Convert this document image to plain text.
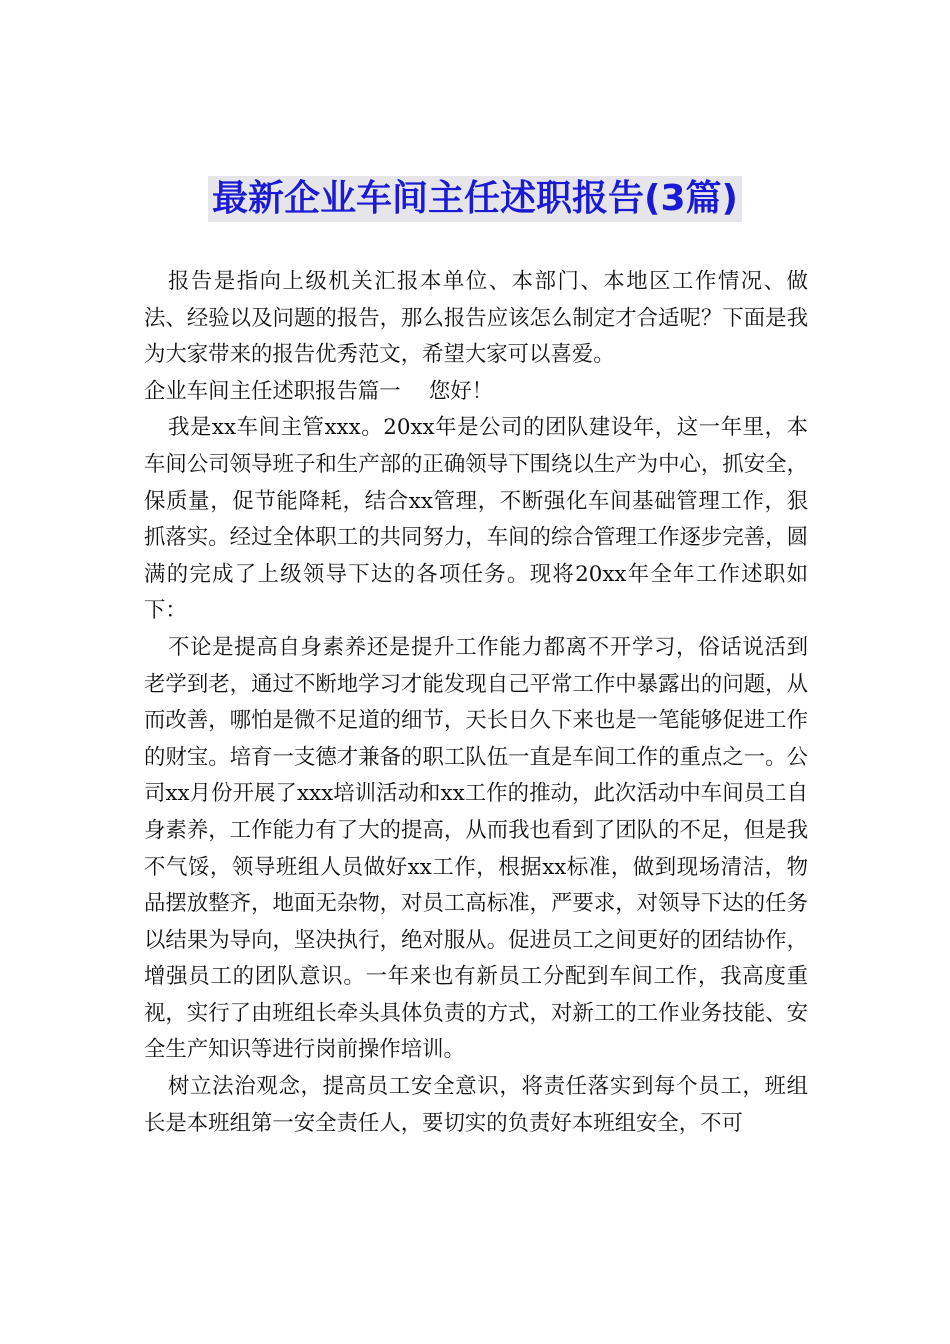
最新企业车间主任述职报告(3篇)

报告是指向上级机关汇报本单位、本部门、本地区工作情况、做法、经验以及问题的报告，那么报告应该怎么制定才合适呢？下面是我为大家带来的报告优秀范文，希望大家可以喜爱。

企业车间主任述职报告篇一　 您好！

我是xx车间主管xxx。20xx年是公司的团队建设年，这一年里，本车间公司领导班子和生产部的正确领导下围绕以生产为中心，抓安全，保质量，促节能降耗，结合xx管理，不断强化车间基础管理工作，狠抓落实。经过全体职工的共同努力，车间的综合管理工作逐步完善，圆满的完成了上级领导下达的各项任务。现将20xx年全年工作述职如下：

不论是提高自身素养还是提升工作能力都离不开学习，俗话说活到老学到老，通过不断地学习才能发现自己平常工作中暴露出的问题，从而改善，哪怕是微不足道的细节，天长日久下来也是一笔能够促进工作的财宝。培育一支德才兼备的职工队伍一直是车间工作的重点之一。公司xx月份开展了xxx培训活动和xx工作的推动，此次活动中车间员工自身素养，工作能力有了大的提高，从而我也看到了团队的不足，但是我不气馁，领导班组人员做好xx工作，根据xx标准，做到现场清洁，物品摆放整齐，地面无杂物，对员工高标准，严要求，对领导下达的任务以结果为导向，坚决执行，绝对服从。促进员工之间更好的团结协作，增强员工的团队意识。一年来也有新员工分配到车间工作，我高度重视，实行了由班组长牵头具体负责的方式，对新工的工作业务技能、安全生产知识等进行岗前操作培训。

树立法治观念，提高员工安全意识，将责任落实到每个员工，班组长是本班组第一安全责任人，要切实的负责好本班组安全，不可
